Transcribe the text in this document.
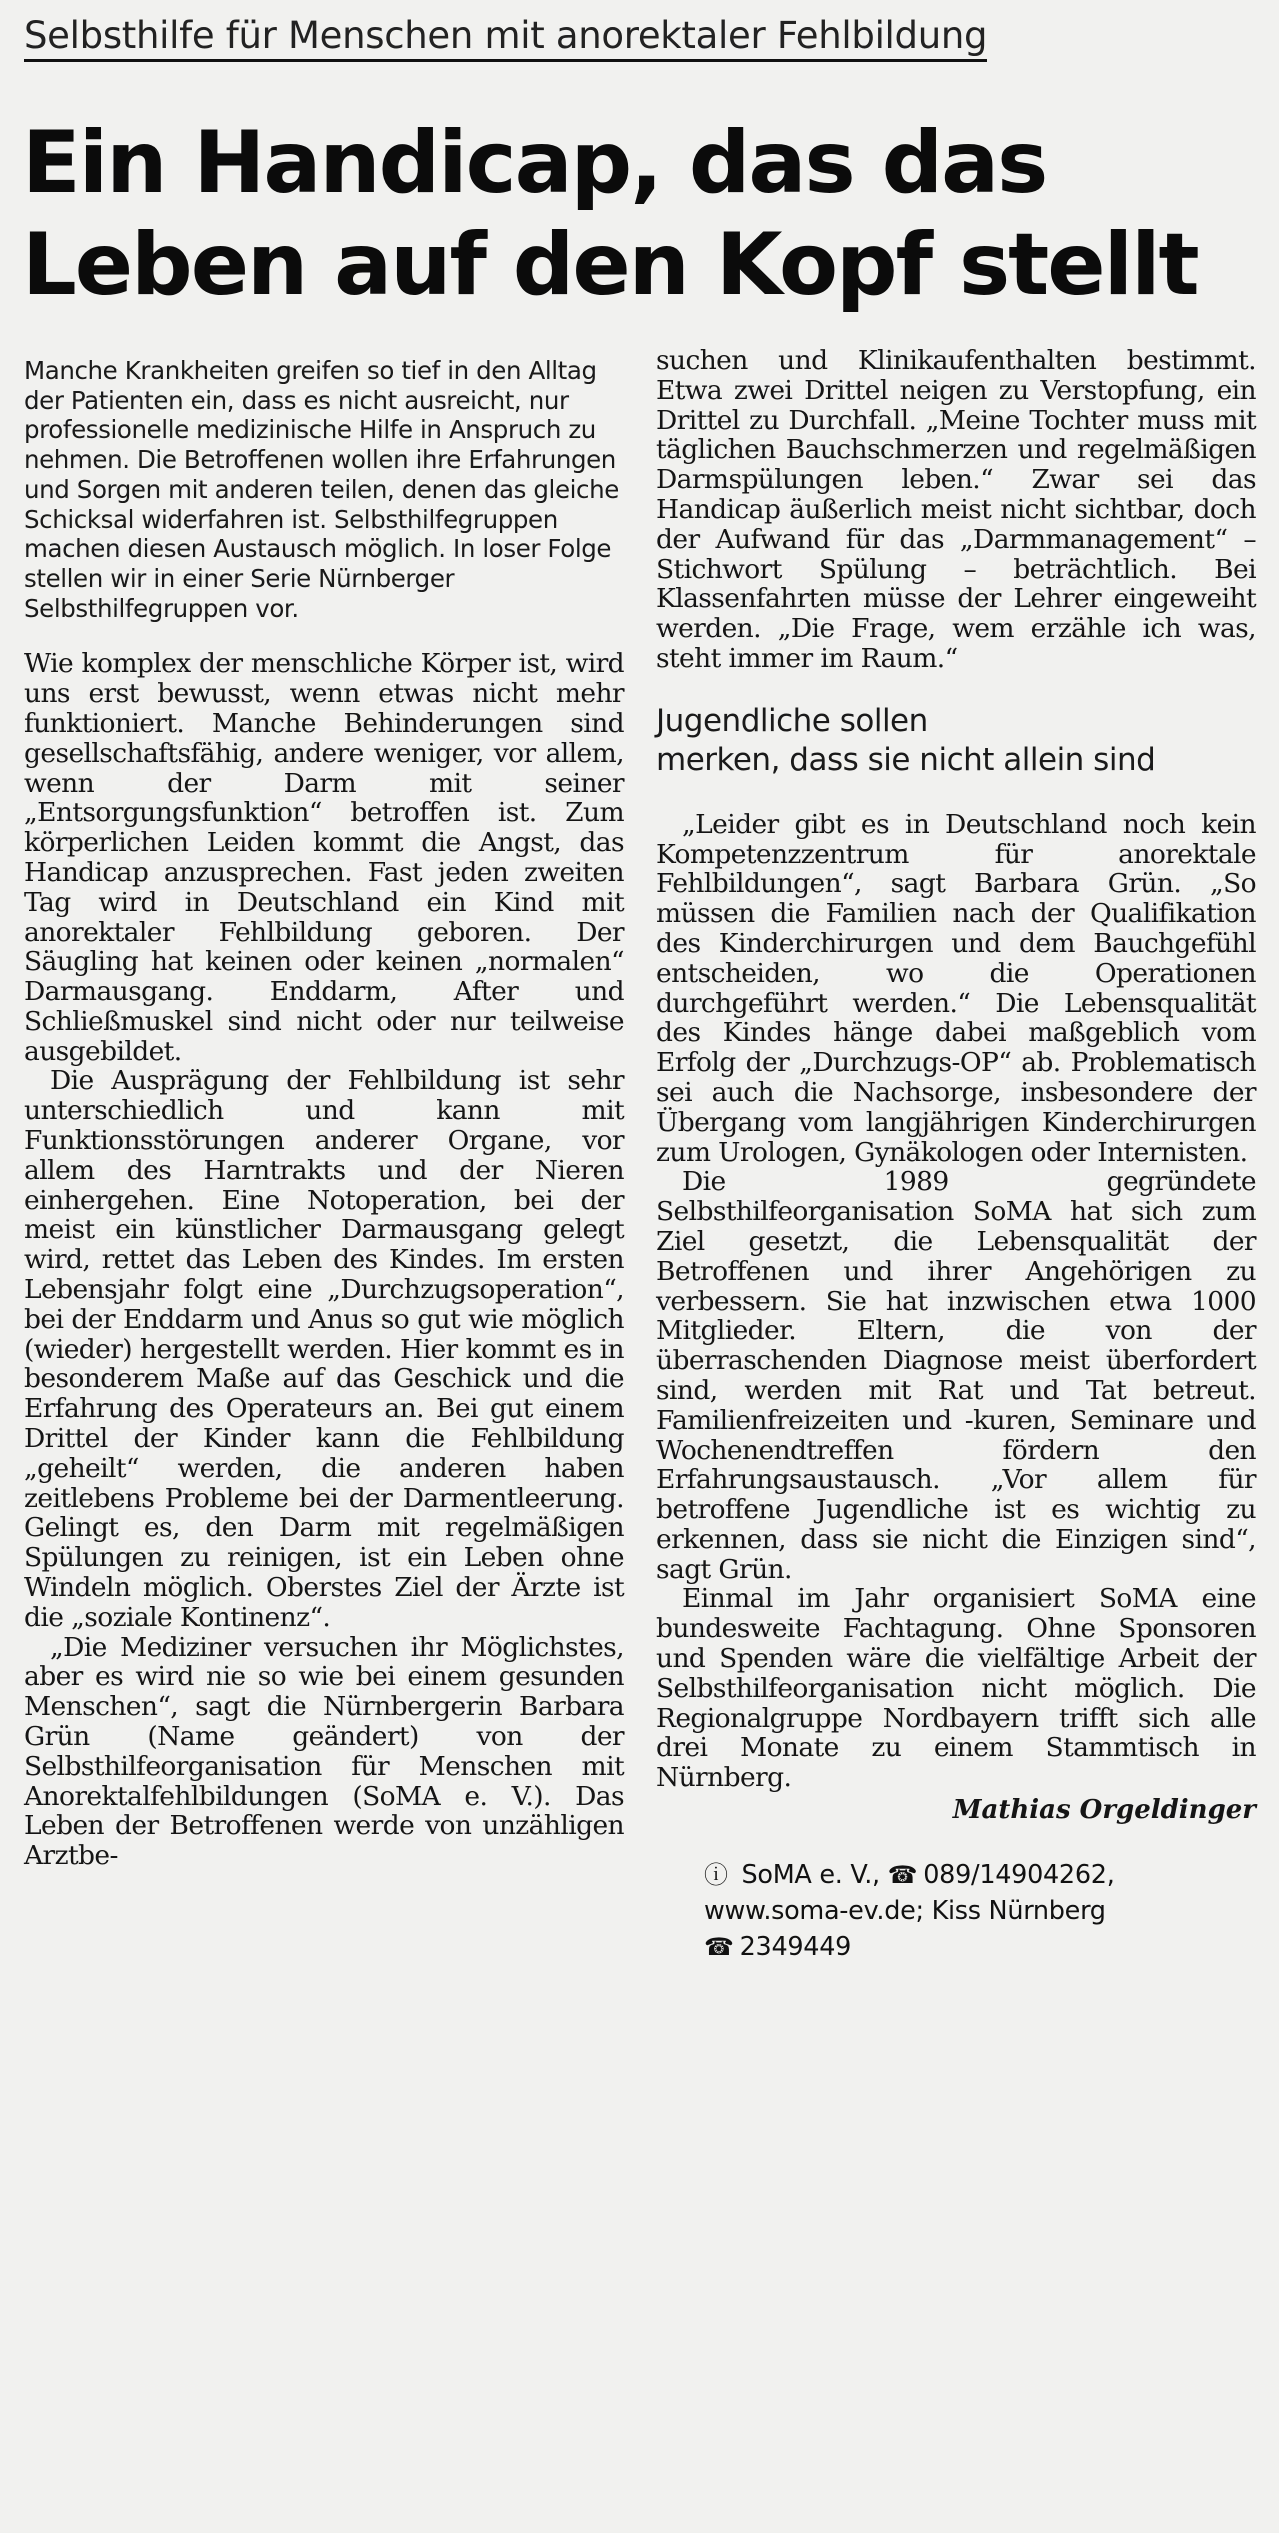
Selbsthilfe für Menschen mit anorektaler Fehlbildung
Ein Handicap, das das Leben auf den Kopf stellt

Manche Krankheiten greifen so tief in den Alltag der Patienten ein, dass es nicht ausreicht, nur professionelle medizinische Hilfe in Anspruch zu nehmen. Die Betroffenen wollen ihre Erfahrungen und Sorgen mit anderen teilen, denen das gleiche Schicksal widerfahren ist. Selbsthilfegruppen machen diesen Austausch möglich. In loser Folge stellen wir in einer Serie Nürnberger Selbsthilfegruppen vor.

Wie komplex der menschliche Körper ist, wird uns erst bewusst, wenn etwas nicht mehr funktioniert. Manche Behinderungen sind gesellschaftsfähig, andere weniger, vor allem, wenn der Darm mit seiner „Entsorgungsfunktion“ betroffen ist. Zum körperlichen Leiden kommt die Angst, das Handicap anzusprechen. Fast jeden zweiten Tag wird in Deutschland ein Kind mit anorektaler Fehlbildung geboren. Der Säugling hat keinen oder keinen „normalen“ Darmausgang. Enddarm, After und Schließmuskel sind nicht oder nur teilweise ausgebildet.

Die Ausprägung der Fehlbildung ist sehr unterschiedlich und kann mit Funktionsstörungen anderer Organe, vor allem des Harntrakts und der Nieren einhergehen. Eine Notoperation, bei der meist ein künstlicher Darmausgang gelegt wird, rettet das Leben des Kindes. Im ersten Lebensjahr folgt eine „Durchzugsoperation“, bei der Enddarm und Anus so gut wie möglich (wieder) hergestellt werden. Hier kommt es in besonderem Maße auf das Geschick und die Erfahrung des Operateurs an. Bei gut einem Drittel der Kinder kann die Fehlbildung „geheilt“ werden, die anderen haben zeitlebens Probleme bei der Darmentleerung. Gelingt es, den Darm mit regelmäßigen Spülungen zu reinigen, ist ein Leben ohne Windeln möglich. Oberstes Ziel der Ärzte ist die „soziale Kontinenz“.

„Die Mediziner versuchen ihr Möglichstes, aber es wird nie so wie bei einem gesunden Menschen“, sagt die Nürnbergerin Barbara Grün (Name geändert) von der Selbsthilfeorganisation für Menschen mit Anorektalfehlbildungen (SoMA e. V.). Das Leben der Betroffenen werde von unzähligen Arztbe-

suchen und Klinikaufenthalten bestimmt. Etwa zwei Drittel neigen zu Verstopfung, ein Drittel zu Durchfall. „Meine Tochter muss mit täglichen Bauchschmerzen und regelmäßigen Darmspülungen leben.“ Zwar sei das Handicap äußerlich meist nicht sichtbar, doch der Aufwand für das „Darmmanagement“ – Stichwort Spülung – beträchtlich. Bei Klassenfahrten müsse der Lehrer eingeweiht werden. „Die Frage, wem erzähle ich was, steht immer im Raum.“

Jugendliche sollen
merken, dass sie nicht allein sind

„Leider gibt es in Deutschland noch kein Kompetenzzentrum für anorektale Fehlbildungen“, sagt Barbara Grün. „So müssen die Familien nach der Qualifikation des Kinderchirurgen und dem Bauchgefühl entscheiden, wo die Operationen durchgeführt werden.“ Die Lebensqualität des Kindes hänge dabei maßgeblich vom Erfolg der „Durchzugs-OP“ ab. Problematisch sei auch die Nachsorge, insbesondere der Übergang vom langjährigen Kinderchirurgen zum Urologen, Gynäkologen oder Internisten.

Die 1989 gegründete Selbsthilfeorganisation SoMA hat sich zum Ziel gesetzt, die Lebensqualität der Betroffenen und ihrer Angehörigen zu verbessern. Sie hat inzwischen etwa 1000 Mitglieder. Eltern, die von der überraschenden Diagnose meist überfordert sind, werden mit Rat und Tat betreut. Familienfreizeiten und -kuren, Seminare und Wochenendtreffen fördern den Erfahrungsaustausch. „Vor allem für betroffene Jugendliche ist es wichtig zu erkennen, dass sie nicht die Einzigen sind“, sagt Grün.

Einmal im Jahr organisiert SoMA eine bundesweite Fachtagung. Ohne Sponsoren und Spenden wäre die vielfältige Arbeit der Selbsthilfeorganisation nicht möglich. Die Regionalgruppe Nordbayern trifft sich alle drei Monate zu einem Stammtisch in Nürnberg.

Mathias Orgeldinger
ⓘ SoMA e. V., ☎ 089/14904262,
www.soma-ev.de; Kiss Nürnberg
☎ 2349449
